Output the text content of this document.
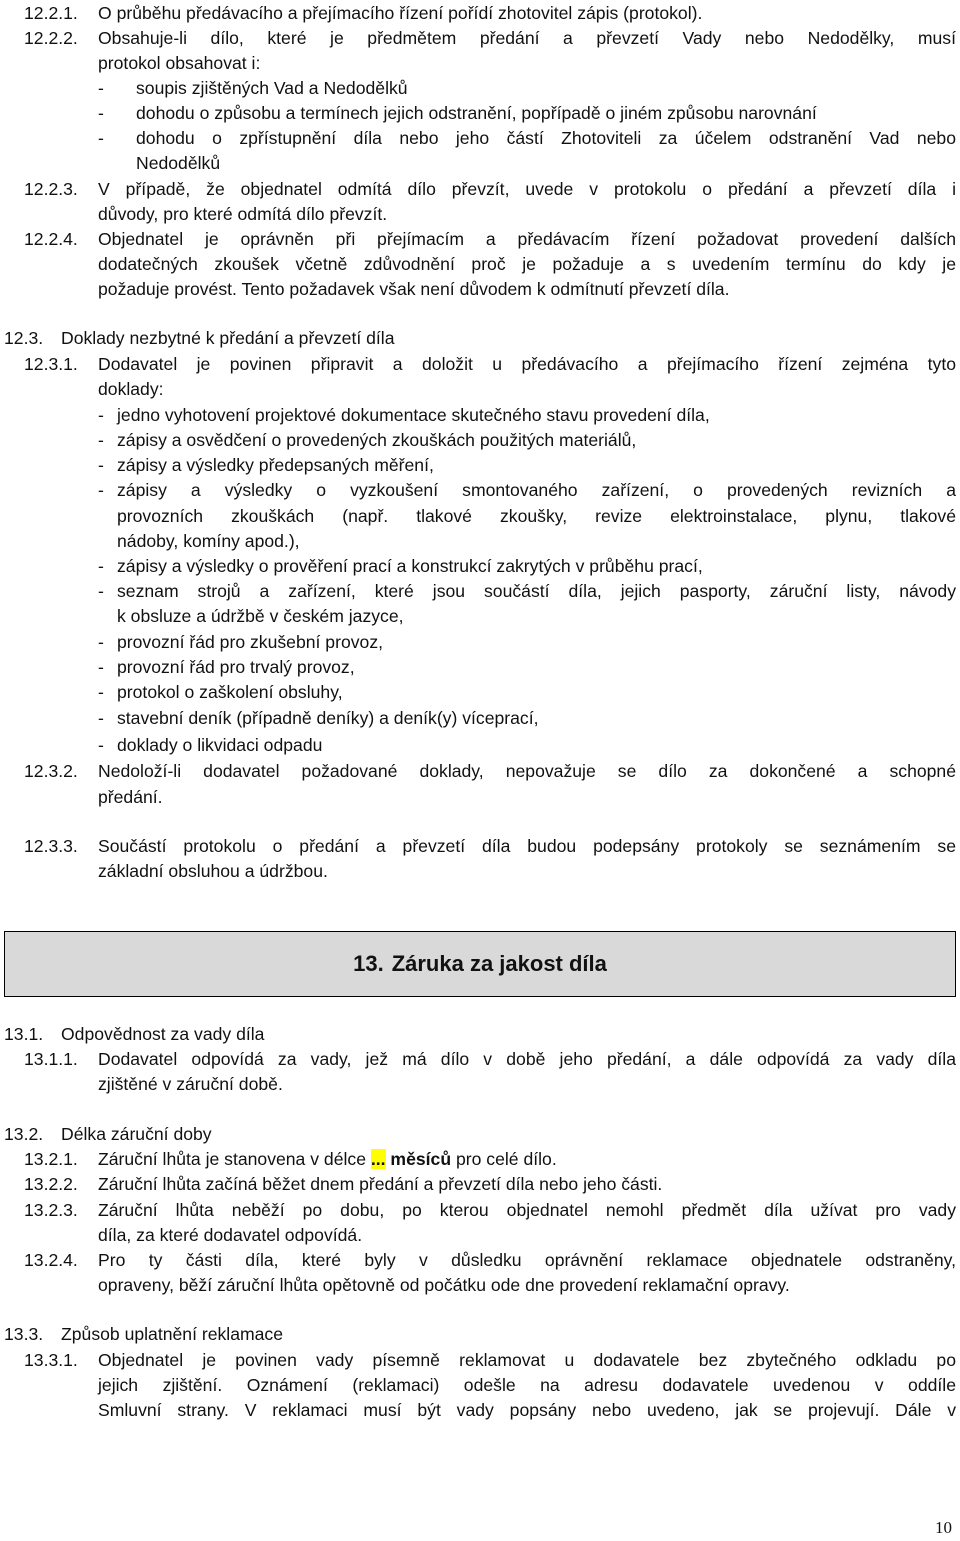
12.2.1. O průběhu předávacího a přejímacího řízení pořídí zhotovitel zápis (protokol).
12.2.2. Obsahuje-li dílo, které je předmětem předání a převzetí Vady nebo Nedodělky, musí
protokol obsahovat i:
- soupis zjištěných Vad a Nedodělků
- dohodu o způsobu a termínech jejich odstranění, popřípadě o jiném způsobu narovnání
- dohodu o zpřístupnění díla nebo jeho částí Zhotoviteli za účelem odstranění Vad nebo
Nedodělků
12.2.3. V případě, že objednatel odmítá dílo převzít, uvede v protokolu o předání a převzetí díla i
důvody, pro které odmítá dílo převzít.
12.2.4. Objednatel je oprávněn při přejímacím a předávacím řízení požadovat provedení dalších
dodatečných zkoušek včetně zdůvodnění proč je požaduje a s uvedením termínu do kdy je
požaduje provést. Tento požadavek však není důvodem k odmítnutí převzetí díla.
12.3. Doklady nezbytné k předání a převzetí díla
12.3.1. Dodavatel je povinen připravit a doložit u předávacího a přejímacího řízení zejména tyto
doklady:
- jedno vyhotovení projektové dokumentace skutečného stavu provedení díla,
- zápisy a osvědčení o provedených zkouškách použitých materiálů,
- zápisy a výsledky předepsaných měření,
- zápisy a výsledky o vyzkoušení smontovaného zařízení, o provedených revizních a
provozních zkouškách (např. tlakové zkoušky, revize elektroinstalace, plynu, tlakové
nádoby, komíny apod.),
- zápisy a výsledky o prověření prací a konstrukcí zakrytých v průběhu prací,
- seznam strojů a zařízení, které jsou součástí díla, jejich pasporty, záruční listy, návody
k obsluze a údržbě v českém jazyce,
- provozní řád pro zkušební provoz,
- provozní řád pro trvalý provoz,
- protokol o zaškolení obsluhy,
- stavební deník (případně deníky) a deník(y) víceprací,
- doklady o likvidaci odpadu
12.3.2. Nedoloží-li dodavatel požadované doklady, nepovažuje se dílo za dokončené a schopné
předání.
12.3.3. Součástí protokolu o předání a převzetí díla budou podepsány protokoly se seznámením se
základní obsluhou a údržbou.
13. Záruka za jakost díla
13.1. Odpovědnost za vady díla
13.1.1. Dodavatel odpovídá za vady, jež má dílo v době jeho předání, a dále odpovídá za vady díla
zjištěné v záruční době.
13.2. Délka záruční doby
13.2.1. Záruční lhůta je stanovena v délce ... měsíců pro celé dílo.
13.2.2. Záruční lhůta začíná běžet dnem předání a převzetí díla nebo jeho části.
13.2.3. Záruční lhůta neběží po dobu, po kterou objednatel nemohl předmět díla užívat pro vady
díla, za které dodavatel odpovídá.
13.2.4. Pro ty části díla, které byly v důsledku oprávnění reklamace objednatele odstraněny,
opraveny, běží záruční lhůta opětovně od počátku ode dne provedení reklamační opravy.
13.3. Způsob uplatnění reklamace
13.3.1. Objednatel je povinen vady písemně reklamovat u dodavatele bez zbytečného odkladu po
jejich zjištění. Oznámení (reklamaci) odešle na adresu dodavatele uvedenou v oddíle
Smluvní strany. V reklamaci musí být vady popsány nebo uvedeno, jak se projevují. Dále v
10
